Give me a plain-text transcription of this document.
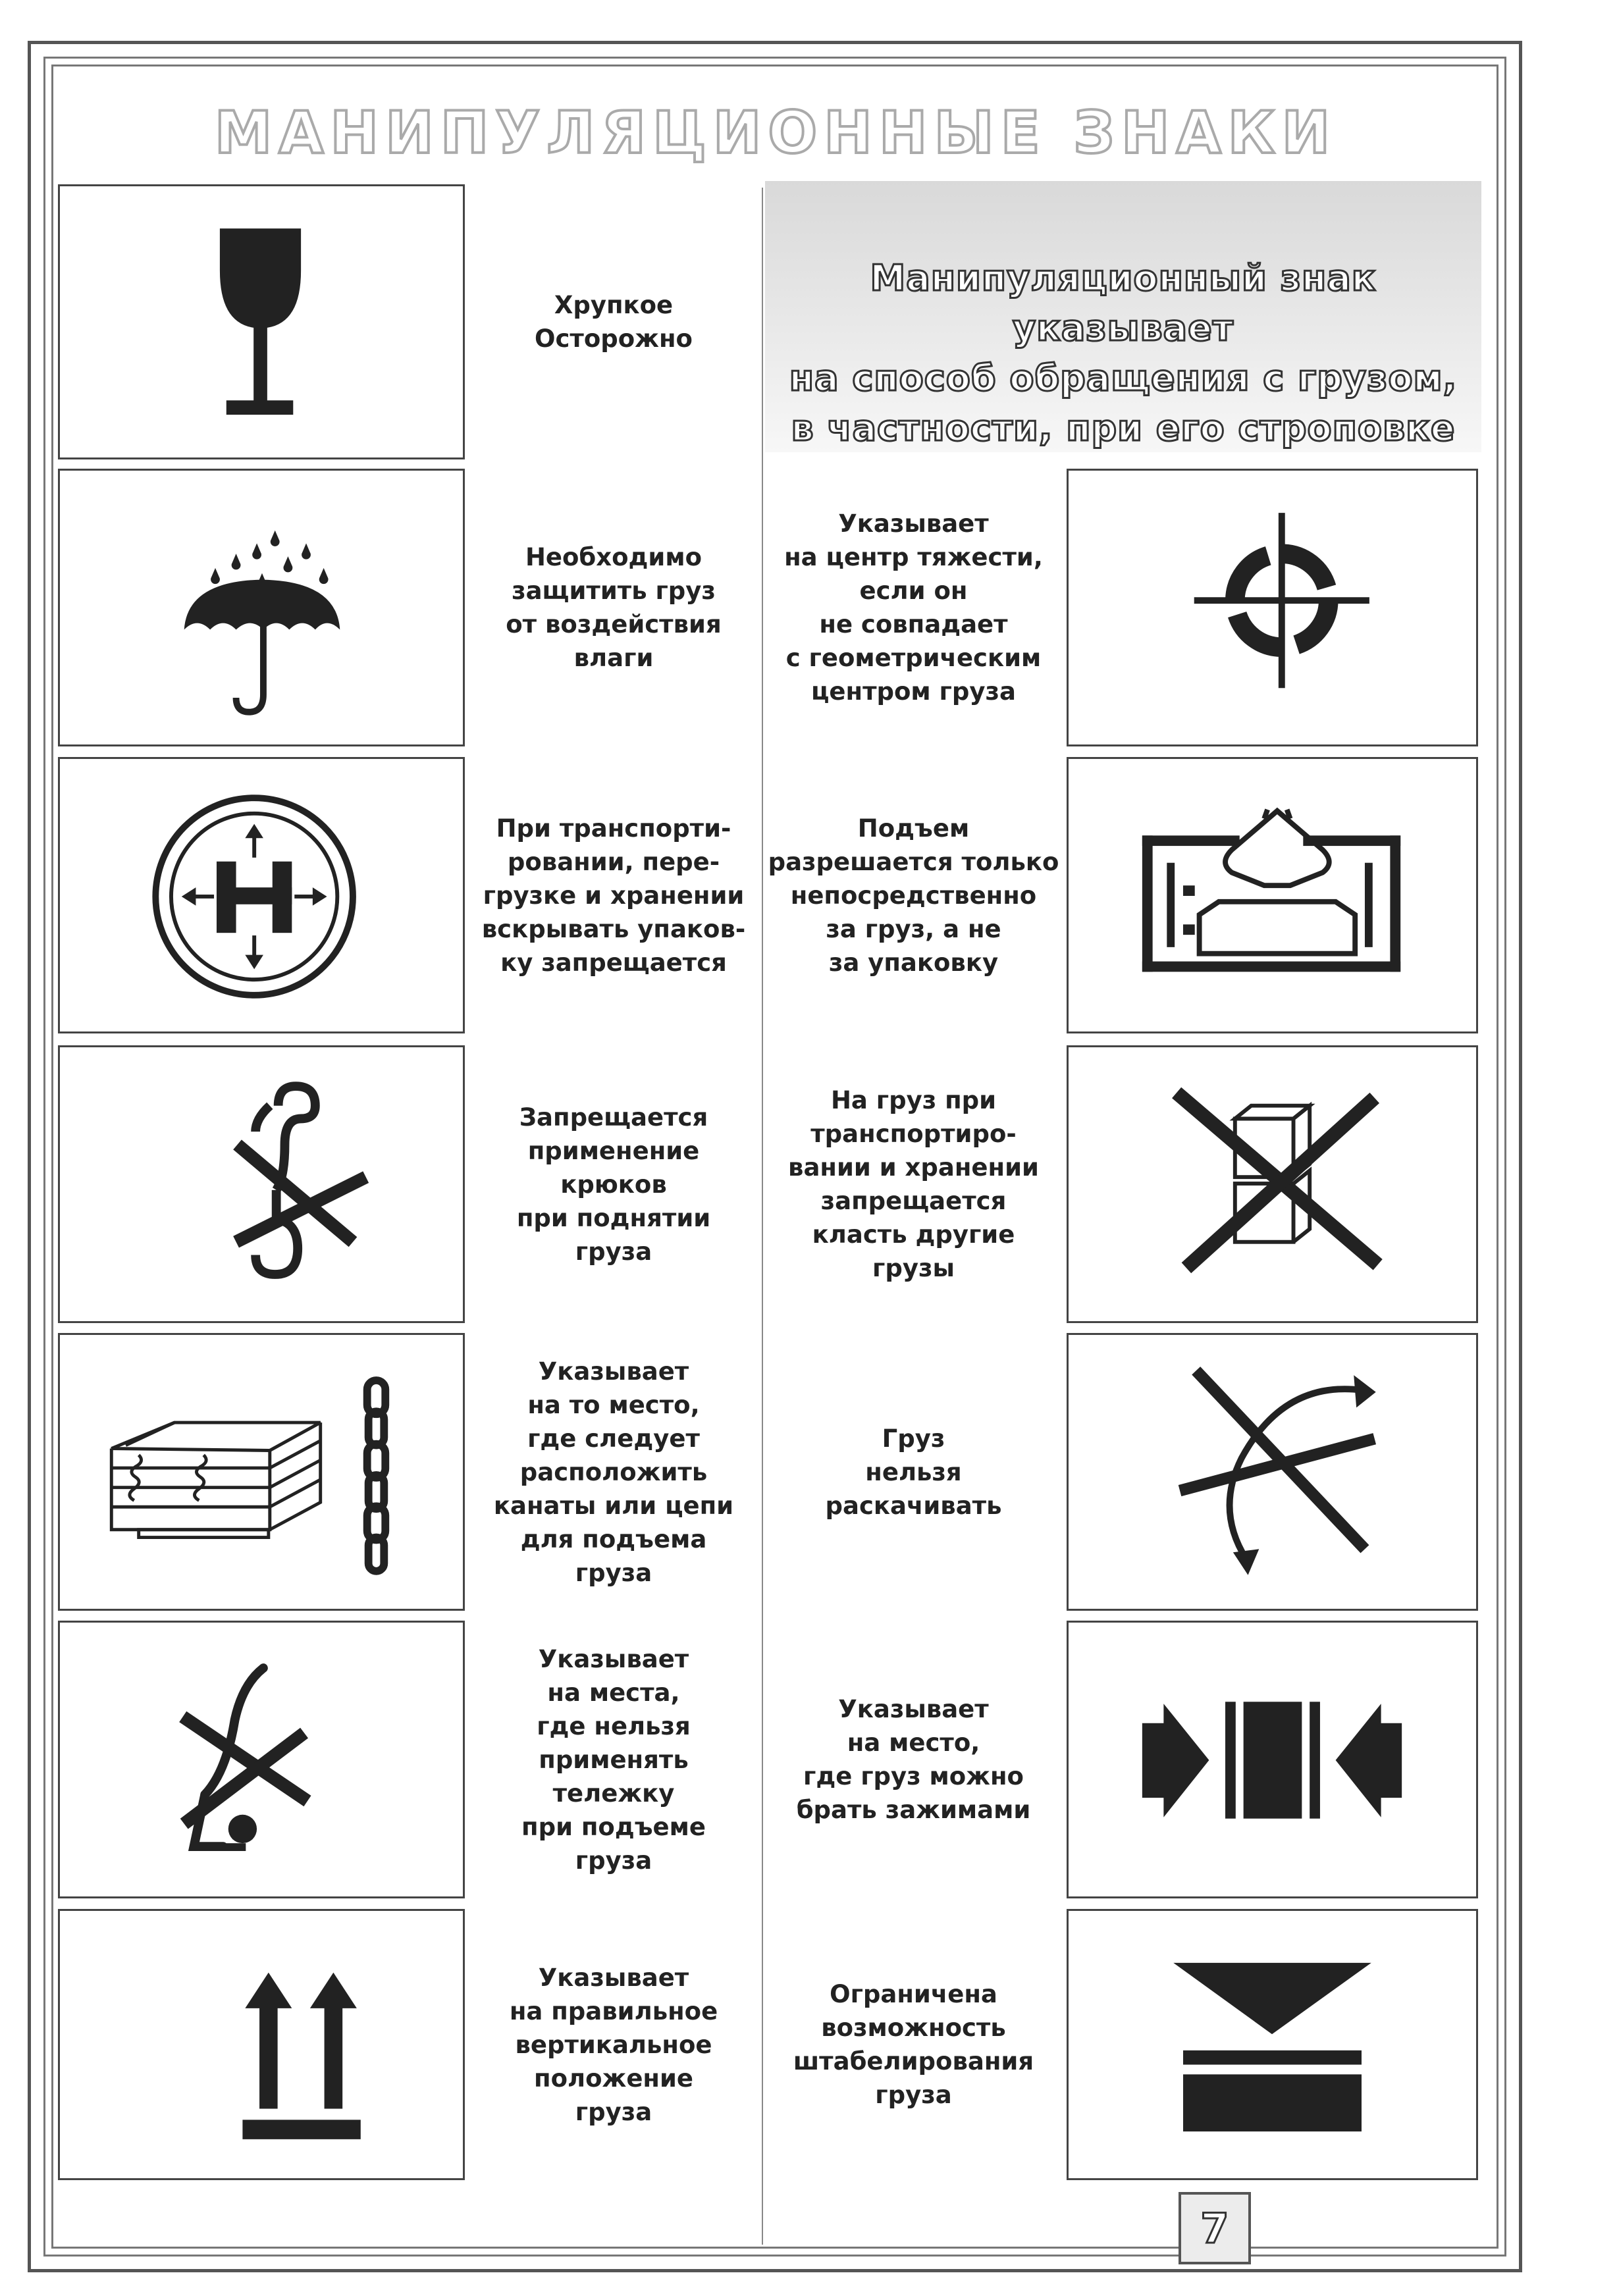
МАНИПУЛЯЦИОННЫЕ ЗНАКИ
Манипуляционный знак указывает
на способ обращения с грузом,
в частности, при его строповке
Хрупкое
Осторожно
Необходимо
защитить груз
от воздействия
влаги
При транспорти-
ровании, пере-
грузке и хранении
вскрывать упаков-
ку запрещается
Запрещается
применение
крюков
при поднятии
груза
Указывает
на то место,
где следует
расположить
канаты или цепи
для подъема
груза
Указывает
на места,
где нельзя
применять
тележку
при подъеме
груза
Указывает
на правильное
вертикальное
положение
груза
Указывает
на центр тяжести,
если он
не совпадает
с геометрическим
центром груза
Подъем
разрешается только
непосредственно
за груз, а не
за упаковку
На груз при
транспортиро-
вании и хранении
запрещается
класть другие
грузы
Груз
нельзя
раскачивать
Указывает
на место,
где груз можно
брать зажимами
Ограничена
возможность
штабелирования
груза
7
